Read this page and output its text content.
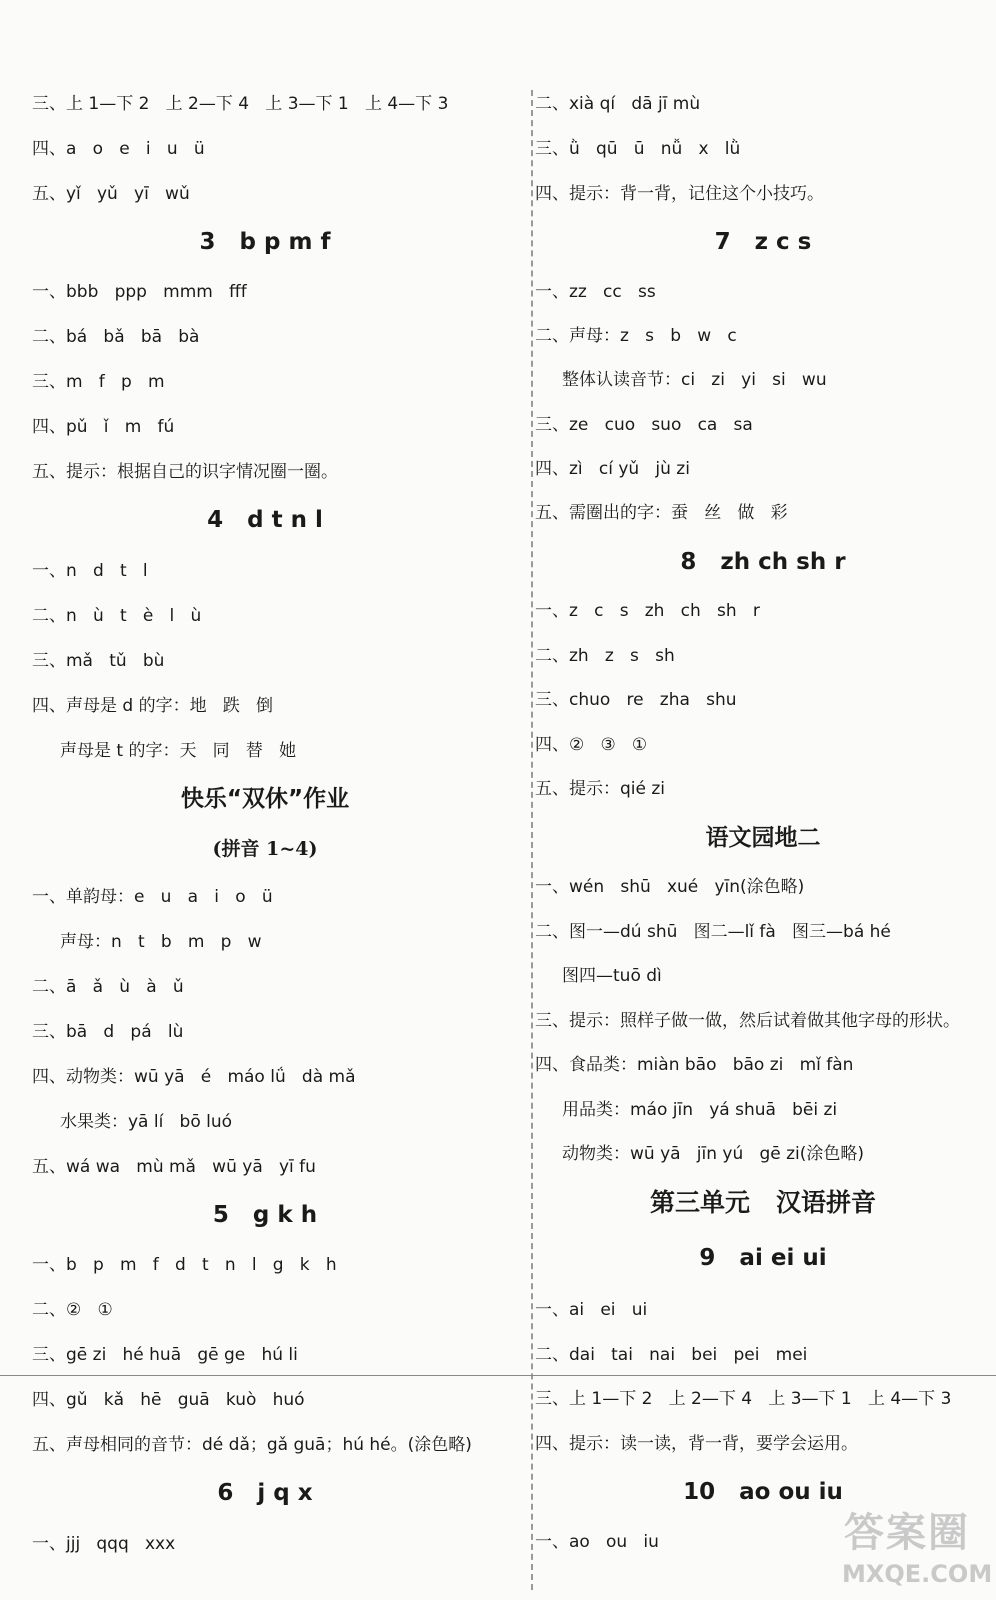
三、上 1—下 2   上 2—下 4   上 3—下 1   上 4—下 3
四、a   o   e   i   u   ü
五、yǐ   yǔ   yī   wǔ
3   b p m f
一、bbb   ppp   mmm   fff
二、bá   bǎ   bā   bà
三、m   f   p   m
四、pǔ   ǐ   m   fú
五、提示：根据自己的识字情况圈一圈。
4   d t n l
一、n   d   t   l
二、n   ù   t   è   l   ù
三、mǎ   tǔ   bù
四、声母是 d 的字：地   跌   倒
声母是 t 的字：天   同   替   她
快乐“双休”作业
(拼音 1~4)
一、单韵母：e   u   a   i   o   ü
声母：n   t   b   m   p   w
二、ā   ǎ   ù   à   ǔ
三、bā   d   pá   lù
四、动物类：wū yā   é   máo lǘ   dà mǎ
水果类：yā lí   bō luó
五、wá wa   mù mǎ   wū yā   yī fu
5   g k h
一、b   p   m   f   d   t   n   l   g   k   h
二、②   ①
三、gē zi   hé huā   gē ge   hú li
四、gǔ   kǎ   hē   guā   kuò   huó
五、声母相同的音节：dé dǎ；gǎ guā；hú hé。(涂色略)
6   j q x
一、jjj   qqq   xxx
二、xià qí   dā jī mù
三、ǜ   qū   ū   nǚ   x   lǜ
四、提示：背一背，记住这个小技巧。
7   z c s
一、zz   cc   ss
二、声母：z   s   b   w   c
整体认读音节：ci   zi   yi   si   wu
三、ze   cuo   suo   ca   sa
四、zì   cí yǔ   jù zi
五、需圈出的字：蚕   丝   做   彩
8   zh ch sh r
一、z   c   s   zh   ch   sh   r
二、zh   z   s   sh
三、chuo   re   zha   shu
四、②   ③   ①
五、提示：qié zi
语文园地二
一、wén   shū   xué   yīn(涂色略)
二、图一—dú shū   图二—lǐ fà   图三—bá hé
图四—tuō dì
三、提示：照样子做一做，然后试着做其他字母的形状。
四、食品类：miàn bāo   bāo zi   mǐ fàn
用品类：máo jīn   yá shuā   bēi zi
动物类：wū yā   jīn yú   gē zi(涂色略)
第三单元   汉语拼音
9   ai ei ui
一、ai   ei   ui
二、dai   tai   nai   bei   pei   mei
三、上 1—下 2   上 2—下 4   上 3—下 1   上 4—下 3
四、提示：读一读，背一背，要学会运用。
10   ao ou iu
一、ao   ou   iu	答案圈
MXQE.COM
